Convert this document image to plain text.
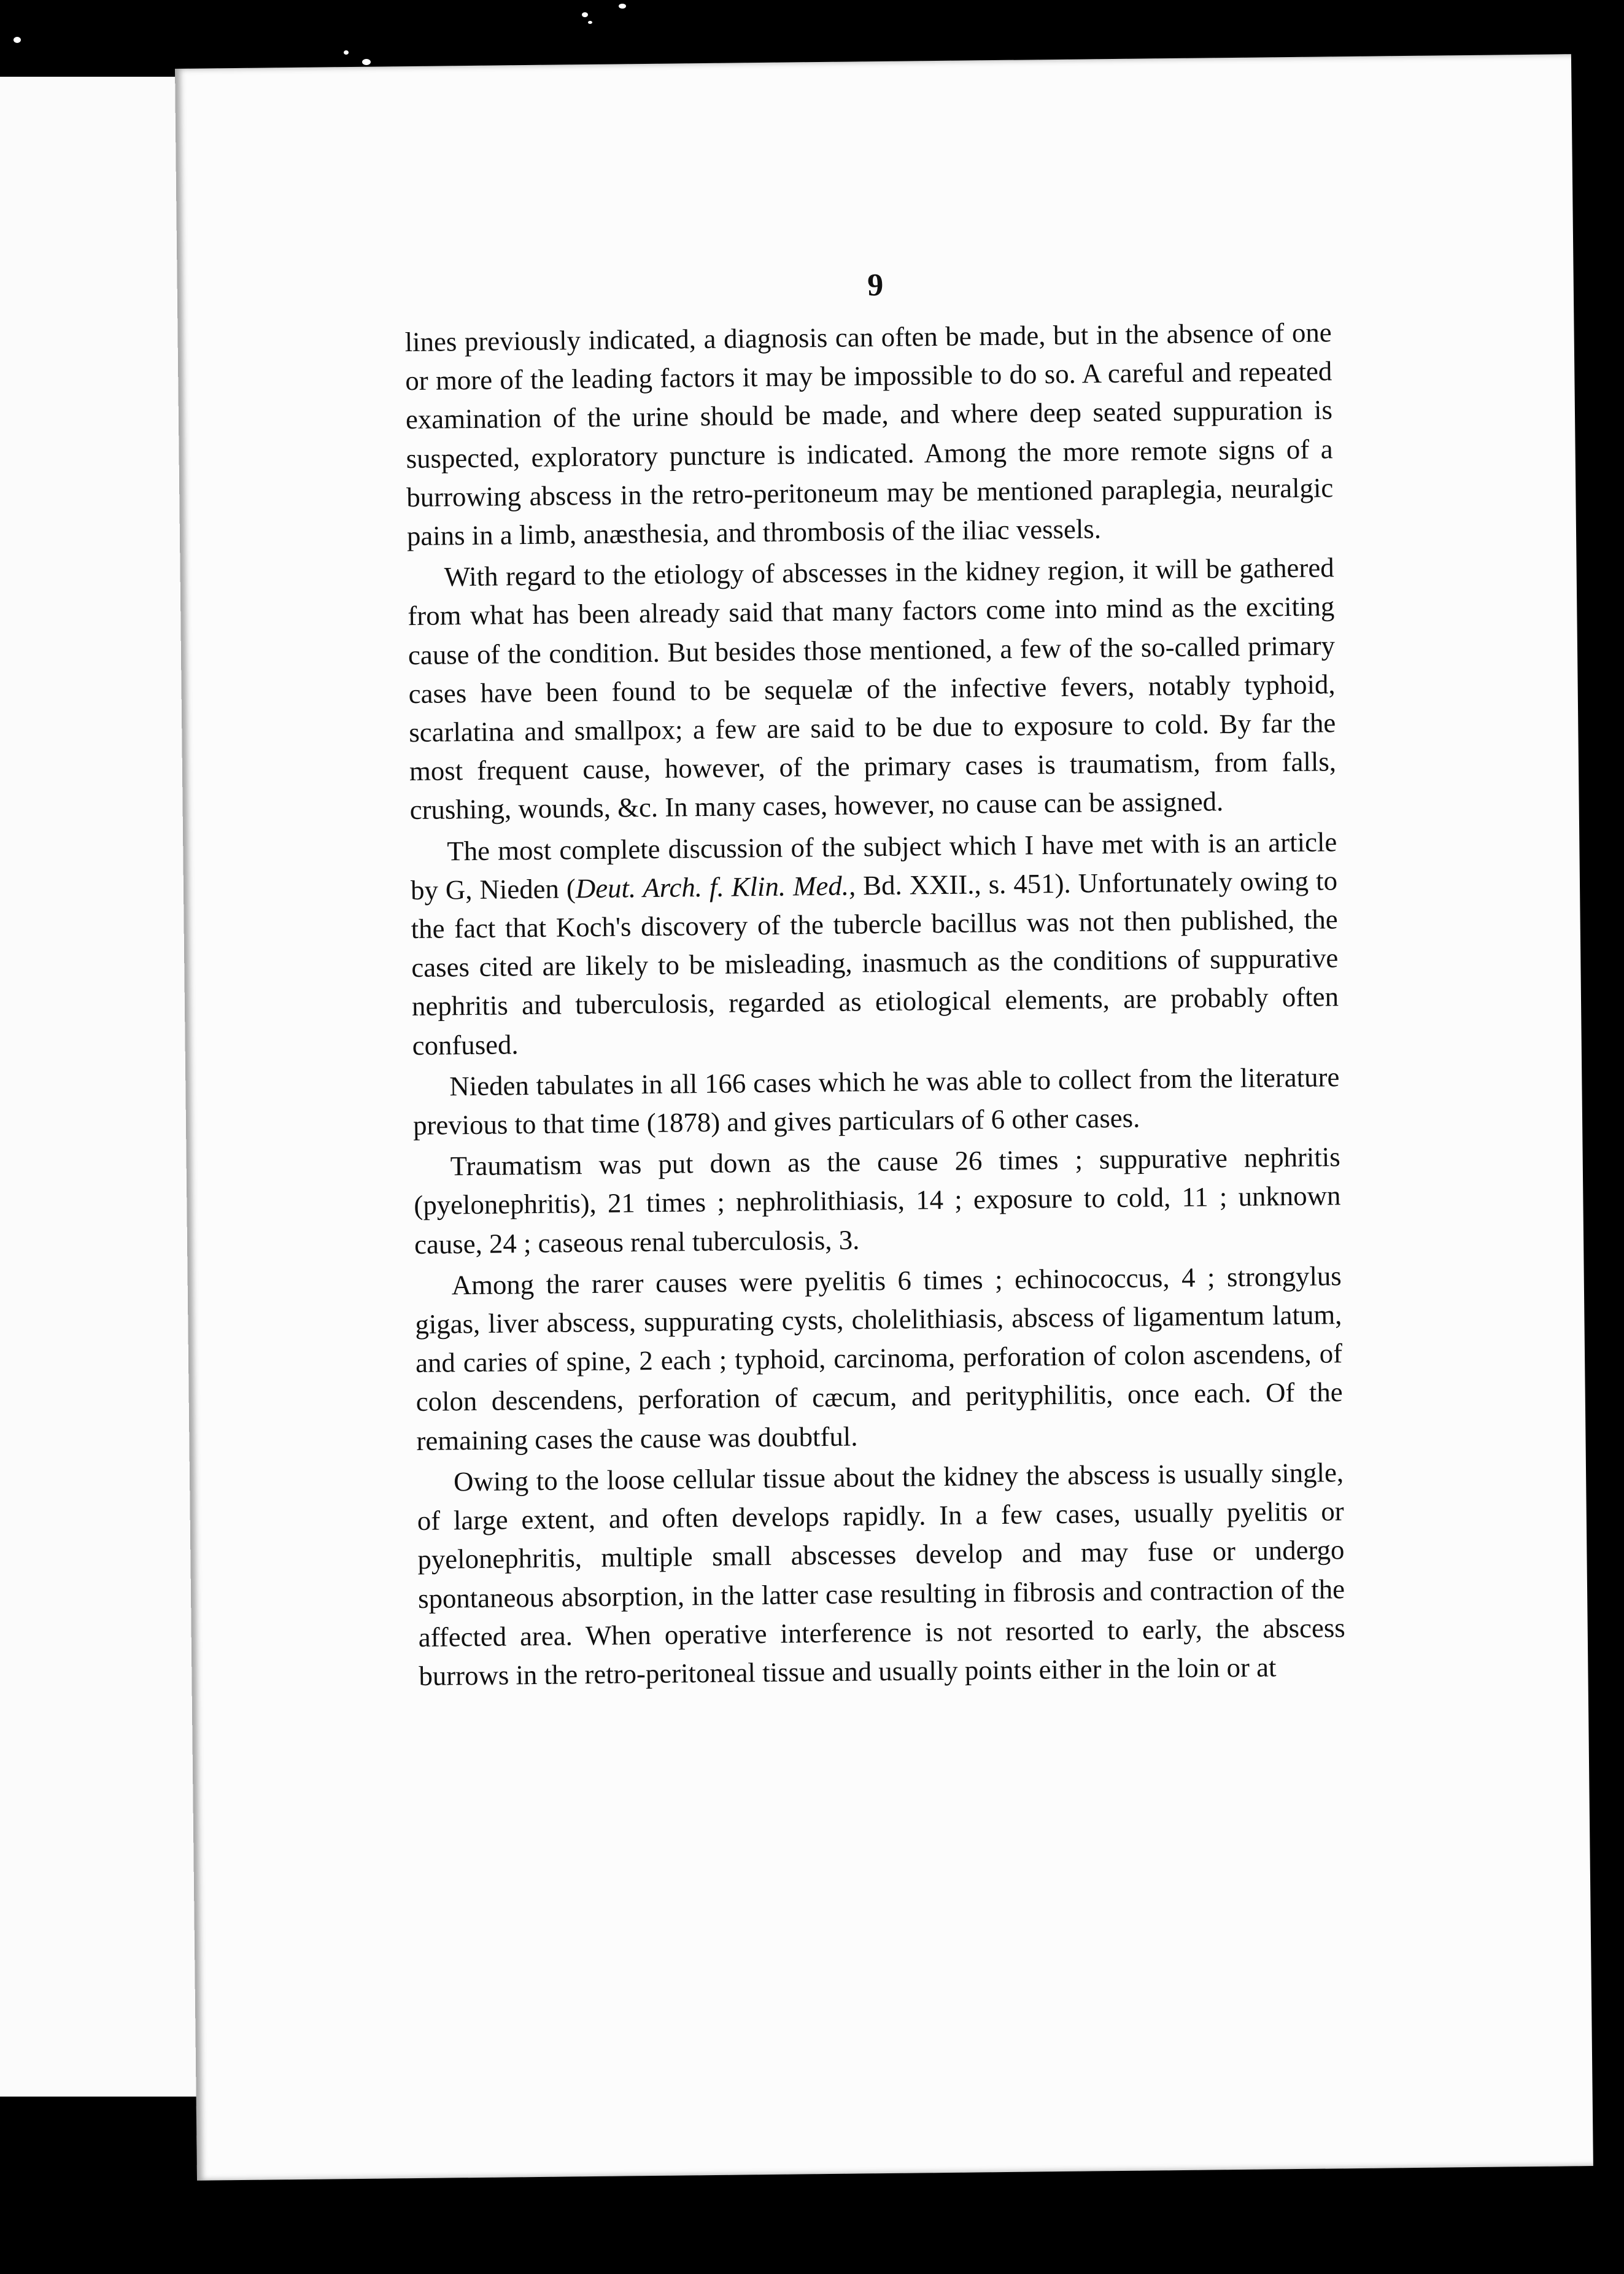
9

lines previously indicated, a diagnosis can often be made, but in the absence of one or more of the leading factors it may be impossible to do so. A careful and repeated examination of the urine should be made, and where deep seated suppuration is suspected, exploratory puncture is indicated. Among the more remote signs of a burrowing abscess in the retro-peritoneum may be mentioned paraplegia, neuralgic pains in a limb, anæsthesia, and thrombosis of the iliac vessels.

With regard to the etiology of abscesses in the kidney region, it will be gathered from what has been already said that many factors come into mind as the exciting cause of the condition. But besides those mentioned, a few of the so-called primary cases have been found to be sequelæ of the infective fevers, notably typhoid, scarlatina and smallpox; a few are said to be due to exposure to cold. By far the most frequent cause, however, of the primary cases is traumatism, from falls, crushing, wounds, &c. In many cases, however, no cause can be assigned.

The most complete discussion of the subject which I have met with is an article by G, Nieden (Deut. Arch. f. Klin. Med., Bd. XXII., s. 451). Unfortunately owing to the fact that Koch's discovery of the tubercle bacillus was not then published, the cases cited are likely to be misleading, inasmuch as the conditions of suppurative nephritis and tuberculosis, regarded as etiological elements, are probably often confused.

Nieden tabulates in all 166 cases which he was able to collect from the literature previous to that time (1878) and gives particulars of 6 other cases.

Traumatism was put down as the cause 26 times ; suppurative nephritis (pyelonephritis), 21 times ; nephrolithiasis, 14 ; exposure to cold, 11 ; unknown cause, 24 ; caseous renal tuberculosis, 3.

Among the rarer causes were pyelitis 6 times ; echinococcus, 4 ; strongylus gigas, liver abscess, suppurating cysts, cholelithiasis, abscess of ligamentum latum, and caries of spine, 2 each ; typhoid, carcinoma, perforation of colon ascendens, of colon descendens, perforation of cæcum, and perityphilitis, once each. Of the remaining cases the cause was doubtful.

Owing to the loose cellular tissue about the kidney the abscess is usually single, of large extent, and often develops rapidly. In a few cases, usually pyelitis or pyelonephritis, multiple small abscesses develop and may fuse or undergo spontaneous absorption, in the latter case resulting in fibrosis and contraction of the affected area. When operative interference is not resorted to early, the abscess burrows in the retro-peritoneal tissue and usually points either in the loin or at
